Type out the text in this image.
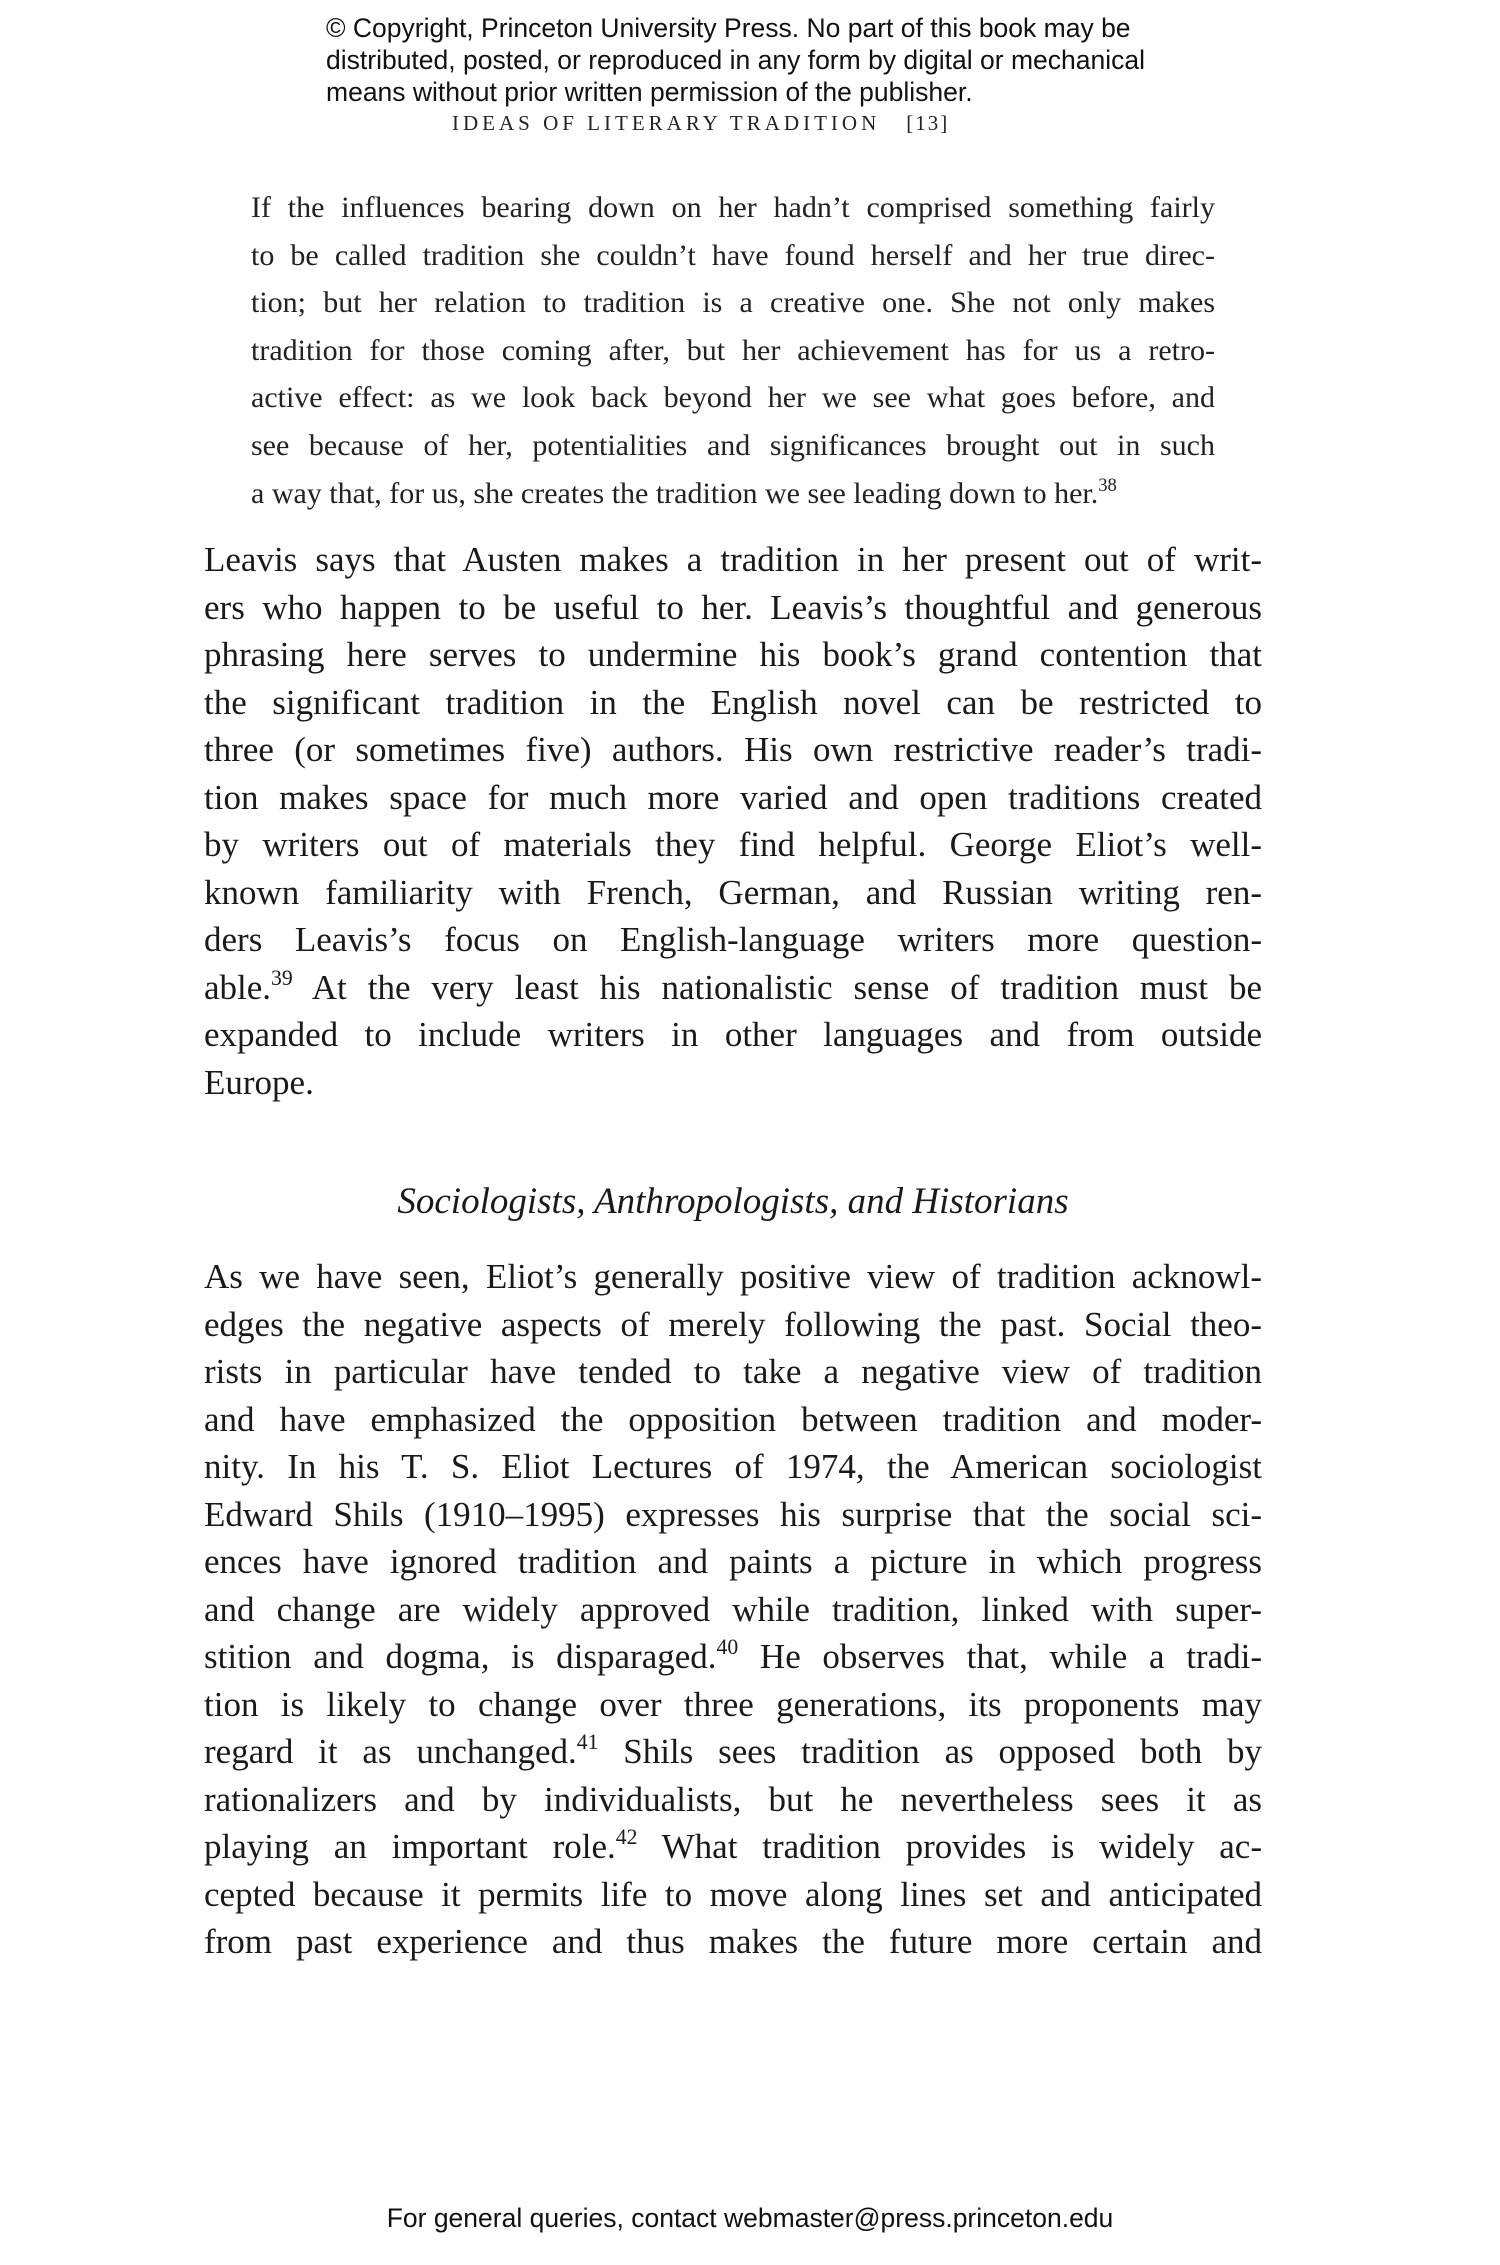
© Copyright, Princeton University Press. No part of this book may be
distributed, posted, or reproduced in any form by digital or mechanical
means without prior written permission of the publisher.
IDEAS OF LITERARY TRADITION [13]
If the influences bearing down on her hadn’t comprised something fairly
to be called tradition she couldn’t have found herself and her true direc-
tion; but her relation to tradition is a creative one. She not only makes
tradition for those coming after, but her achievement has for us a retro-
active effect: as we look back beyond her we see what goes before, and
see because of her, potentialities and significances brought out in such
a way that, for us, she creates the tradition we see leading down to her.$^{38}$
Leavis says that Austen makes a tradition in her present out of writ-
ers who happen to be useful to her. Leavis’s thoughtful and generous
phrasing here serves to undermine his book’s grand contention that
the significant tradition in the English novel can be restricted to
three (or sometimes five) authors. His own restrictive reader’s tradi-
tion makes space for much more varied and open traditions created
by writers out of materials they find helpful. George Eliot’s well-
known familiarity with French, German, and Russian writing ren-
ders Leavis’s focus on English-language writers more question-
able.$^{39}$ At the very least his nationalistic sense of tradition must be
expanded to include writers in other languages and from outside
Europe.
Sociologists, Anthropologists, and Historians
As we have seen, Eliot’s generally positive view of tradition acknowl-
edges the negative aspects of merely following the past. Social theo-
rists in particular have tended to take a negative view of tradition
and have emphasized the opposition between tradition and moder-
nity. In his T. S. Eliot Lectures of 1974, the American sociologist
Edward Shils (1910–1995) expresses his surprise that the social sci-
ences have ignored tradition and paints a picture in which progress
and change are widely approved while tradition, linked with super-
stition and dogma, is disparaged.$^{40}$ He observes that, while a tradi-
tion is likely to change over three generations, its proponents may
regard it as unchanged.$^{41}$ Shils sees tradition as opposed both by
rationalizers and by individualists, but he nevertheless sees it as
playing an important role.$^{42}$ What tradition provides is widely ac-
cepted because it permits life to move along lines set and anticipated
from past experience and thus makes the future more certain and
For general queries, contact webmaster@press.princeton.edu
